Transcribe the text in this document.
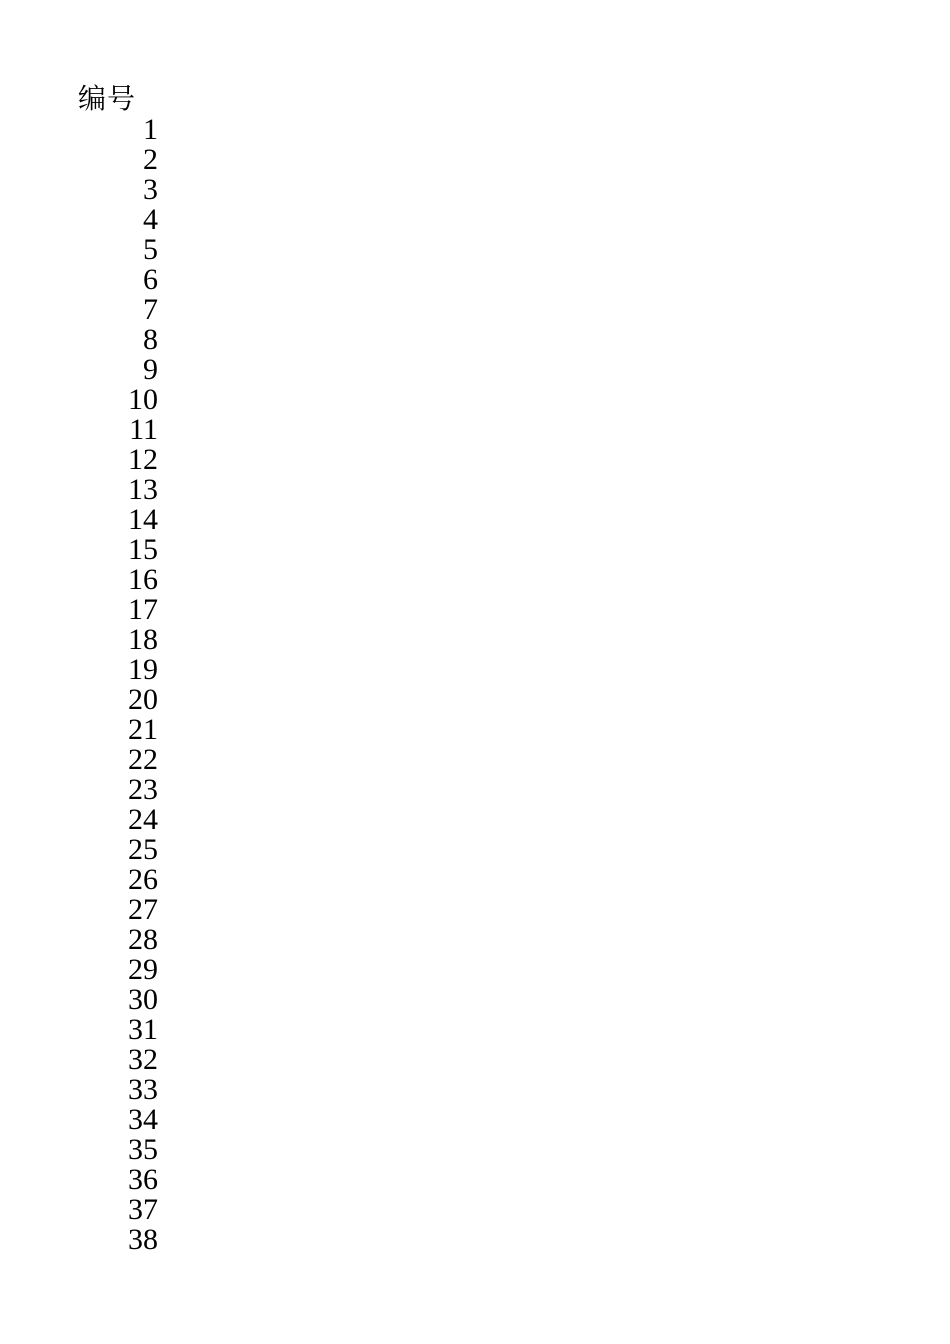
编号
1
2
3
4
5
6
7
8
9
10
11
12
13
14
15
16
17
18
19
20
21
22
23
24
25
26
27
28
29
30
31
32
33
34
35
36
37
38
